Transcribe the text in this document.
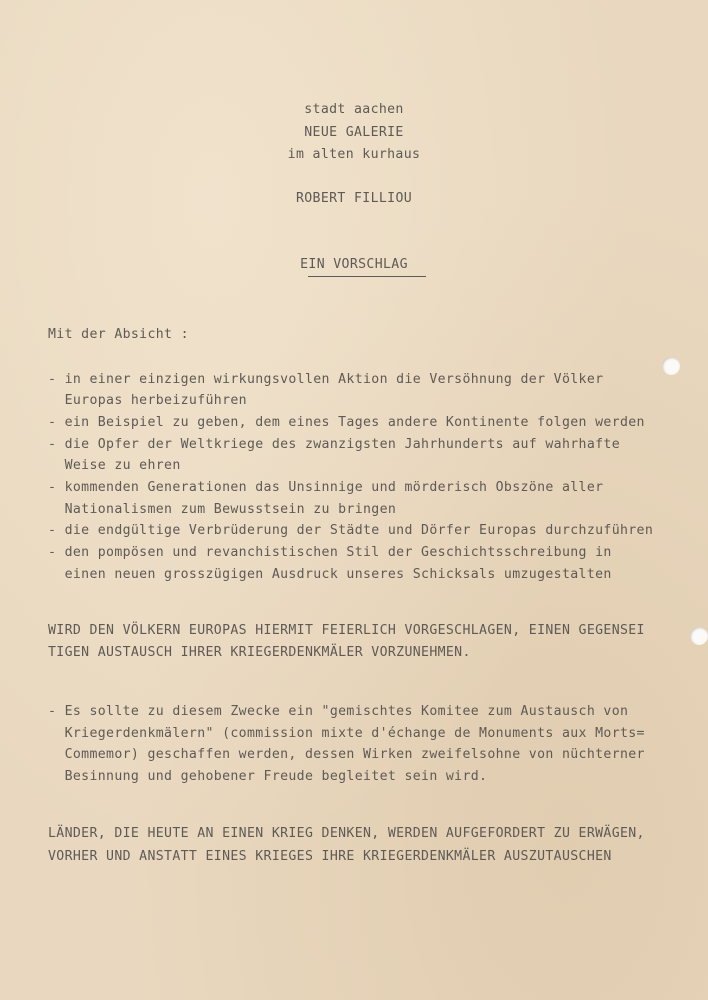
stadt aachen
NEUE GALERIE
im alten kurhaus
ROBERT FILLIOU
EIN VORSCHLAG
Mit der Absicht :
- in einer einzigen wirkungsvollen Aktion die Versöhnung der Völker
Europas herbeizuführen
- ein Beispiel zu geben, dem eines Tages andere Kontinente folgen werden
- die Opfer der Weltkriege des zwanzigsten Jahrhunderts auf wahrhafte
Weise zu ehren
- kommenden Generationen das Unsinnige und mörderisch Obszöne aller
Nationalismen zum Bewusstsein zu bringen
- die endgültige Verbrüderung der Städte und Dörfer Europas durchzuführen
- den pompösen und revanchistischen Stil der Geschichtsschreibung in
einen neuen grosszügigen Ausdruck unseres Schicksals umzugestalten
WIRD DEN VÖLKERN EUROPAS HIERMIT FEIERLICH VORGESCHLAGEN, EINEN GEGENSEI
TIGEN AUSTAUSCH IHRER KRIEGERDENKMÄLER VORZUNEHMEN.
- Es sollte zu diesem Zwecke ein "gemischtes Komitee zum Austausch von
Kriegerdenkmälern" (commission mixte d'échange de Monuments aux Morts=
Commemor) geschaffen werden, dessen Wirken zweifelsohne von nüchterner
Besinnung und gehobener Freude begleitet sein wird.
LÄNDER, DIE HEUTE AN EINEN KRIEG DENKEN, WERDEN AUFGEFORDERT ZU ERWÄGEN,
VORHER UND ANSTATT EINES KRIEGES IHRE KRIEGERDENKMÄLER AUSZUTAUSCHEN
